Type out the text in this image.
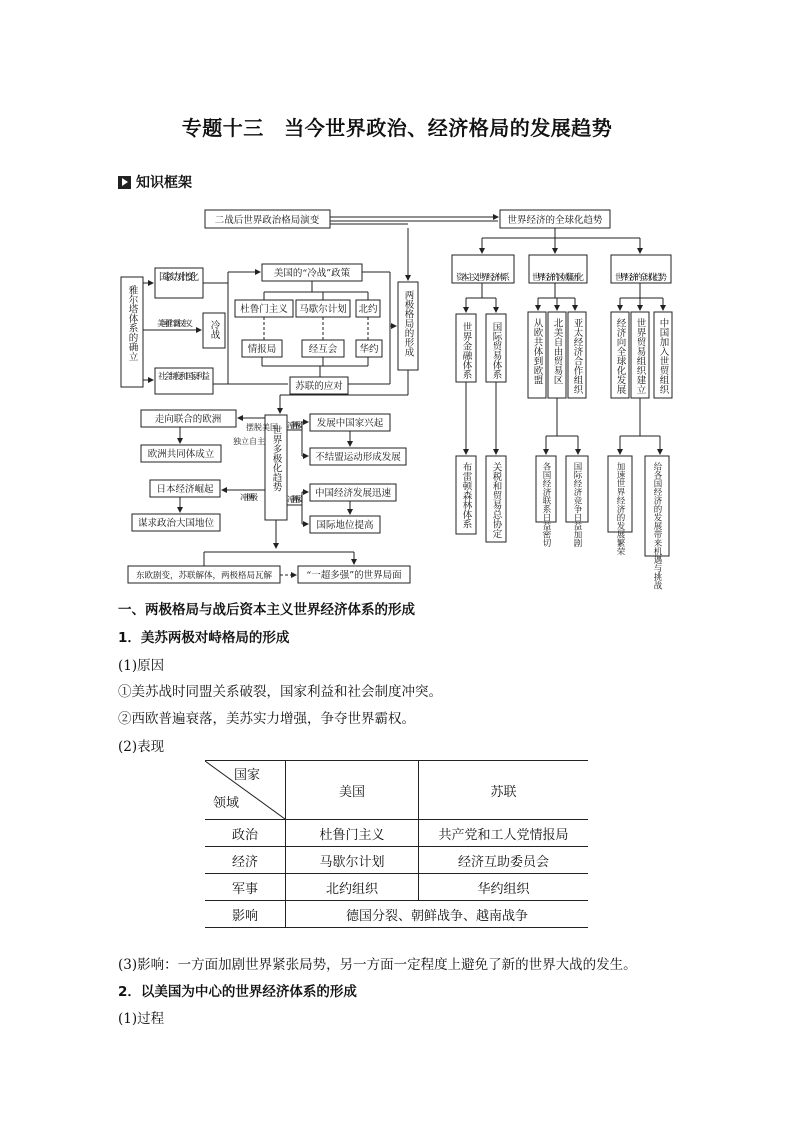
专题十三　当今世界政治、经济格局的发展趋势
知识框架
二战后世界政治格局演变	世界经济的全球化趋势
国家实力对比变化	美国的“冷战”政策
杜鲁门主义 马歇尔计划 北约
情报局	经互会 华约
苏联的应对
美国推行霸权主义
社会制度和国家利益
走向联合的欧洲
欧洲共同体成立
摆脱美国
独立自主
冲击两极 发展中国家兴起
不结盟运动形成发展
日本经济崛起
谋求政治大国地位
冲击两极	冲击两极
中国经济发展迅速
国际地位提高
东欧剧变，苏联解体，两极格局瓦解	“一超多强”的世界局面
资本主义世界经济体系	世界经济的区域集团化	世界经济的全球化趋势
雅尔塔体系的确立	冷战	两极格局的形成
世界多极化趋势
世界金融体系 国际贸易体系
布雷顿森林体系 关税和贸易总协定
从欧共体到欧盟 北美自由贸易区 亚太经济合作组织
各国经济联系日益密切 国际经济竞争日益加剧
经济向全球化发展 世界贸易组织建立 中国加入世贸组织
加速世界经济的发展繁荣	给各国经济的发展带来机遇与挑战
一、两极格局与战后资本主义世界经济体系的形成
1．美苏两极对峙格局的形成
(1)原因
①美苏战时同盟关系破裂，国家利益和社会制度冲突。
②西欧普遍衰落，美苏实力增强，争夺世界霸权。
(2)表现
国家
领域	美国	苏联
政治	杜鲁门主义	共产党和工人党情报局
经济	马歇尔计划	经济互助委员会
军事	北约组织	华约组织
影响	德国分裂、朝鲜战争、越南战争	
(3)影响：一方面加剧世界紧张局势，另一方面一定程度上避免了新的世界大战的发生。
2．以美国为中心的世界经济体系的形成
(1)过程
